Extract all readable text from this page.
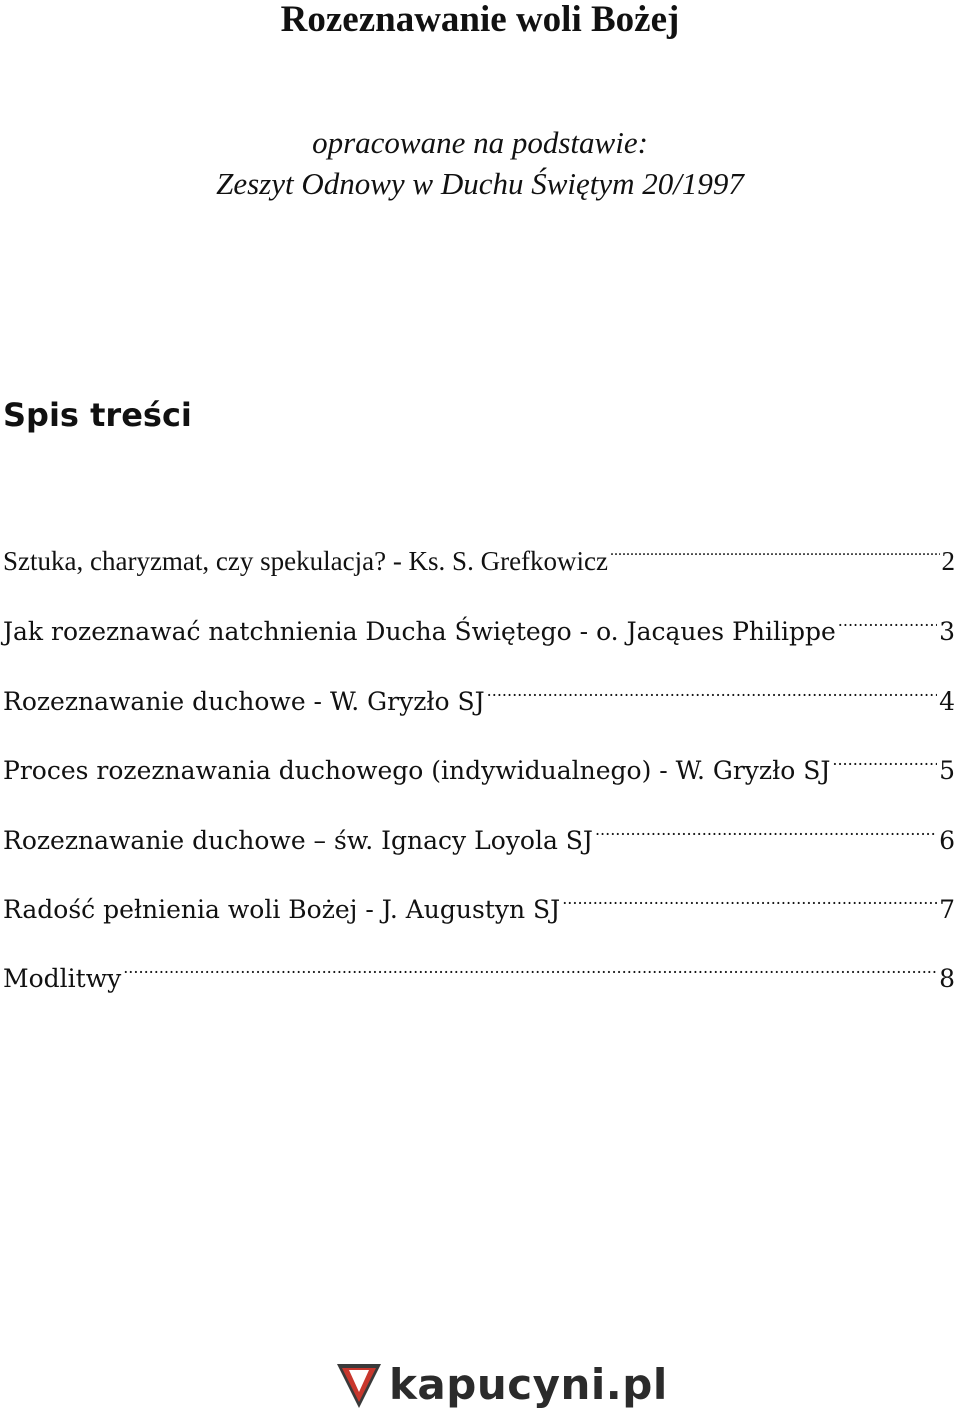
Rozeznawanie woli Bożej

opracowane na podstawie:

Zeszyt Odnowy w Duchu Świętym 20/1997

Spis treści
Sztuka, charyzmat, czy spekulacja? - Ks. S. Grefkowicz .....	2
Jak rozeznawać natchnienia Ducha Świętego - o. Jacąues Philippe .....	3
Rozeznawanie duchowe - W. Gryzło SJ .....	4
Proces rozeznawania duchowego (indywidualnego) - W. Gryzło SJ .....	5
Rozeznawanie duchowe – św. Ignacy Loyola SJ .....	6
Radość pełnienia woli Bożej - J. Augustyn SJ .....	7
Modlitwy .....	8
kapucyni.pl
